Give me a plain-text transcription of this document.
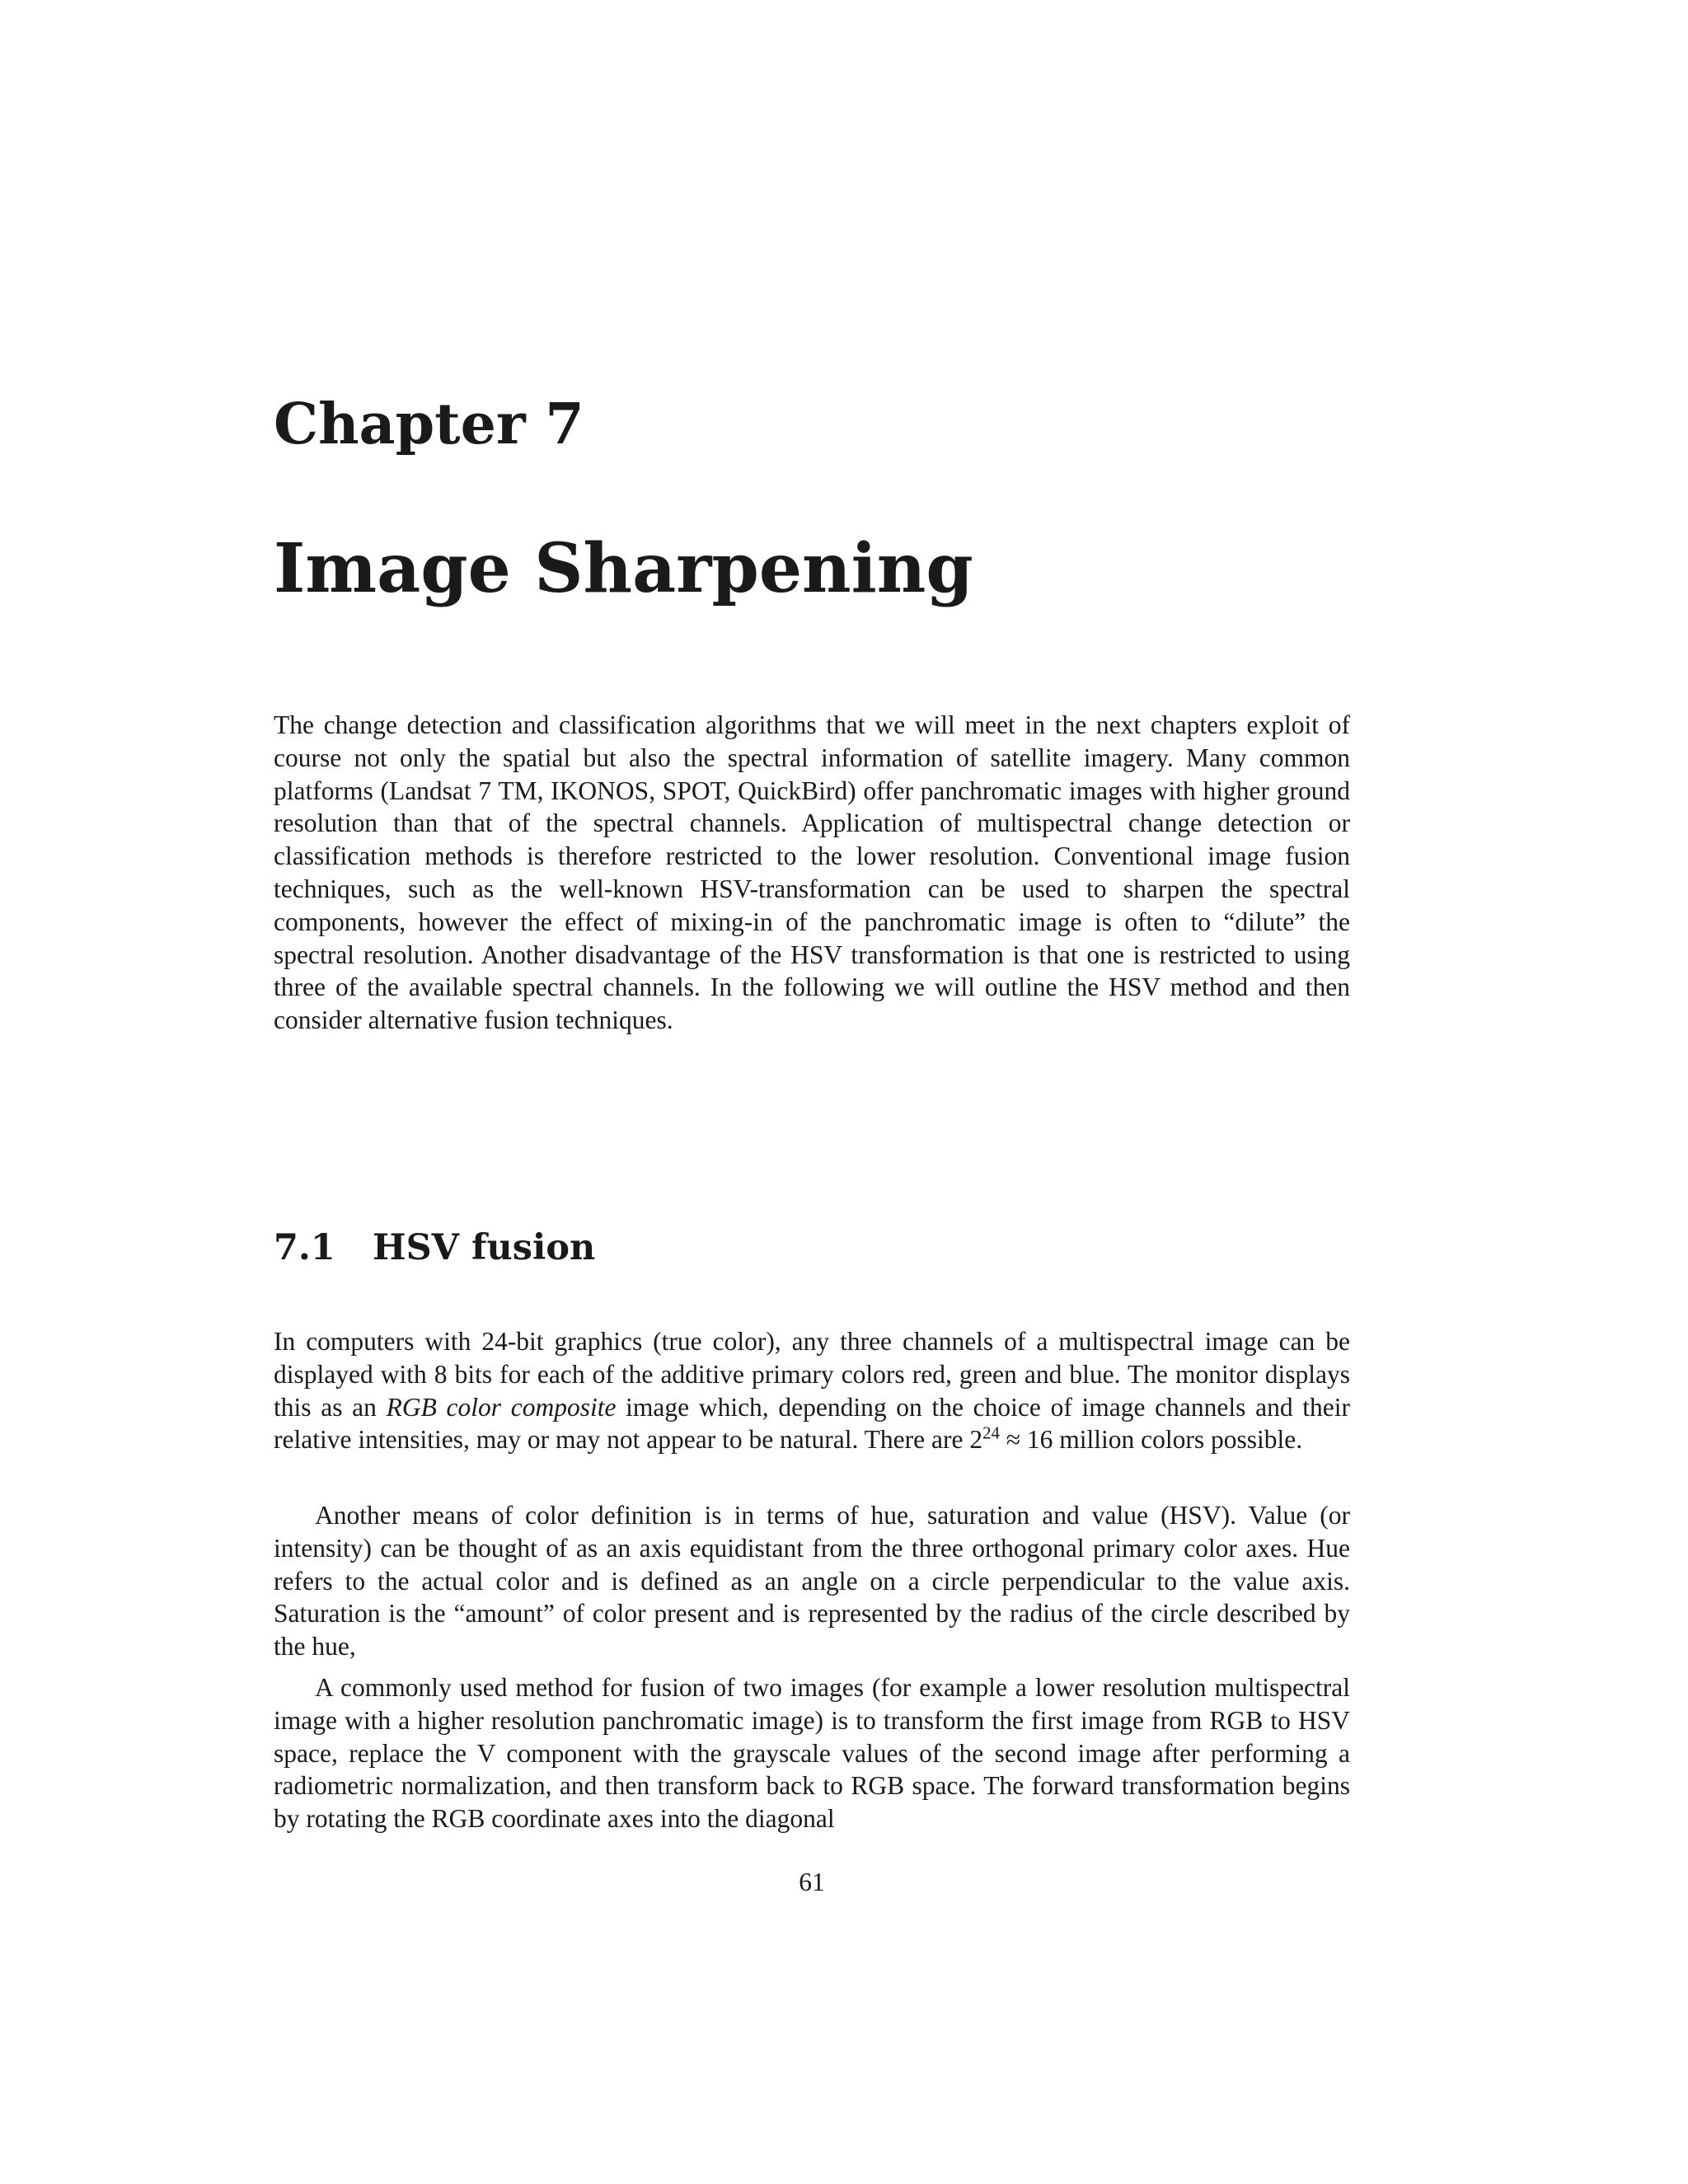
Chapter 7
Image Sharpening

The change detection and classification algorithms that we will meet in the next chapters exploit of course not only the spatial but also the spectral information of satellite imagery. Many common platforms (Landsat 7 TM, IKONOS, SPOT, QuickBird) offer panchromatic images with higher ground resolution than that of the spectral channels. Application of multispectral change detection or classification methods is therefore restricted to the lower resolution. Conventional image fusion techniques, such as the well-known HSV-transformation can be used to sharpen the spectral components, however the effect of mixing-in of the panchromatic image is often to “dilute” the spectral resolution. Another disadvantage of the HSV transformation is that one is restricted to using three of the available spectral channels. In the following we will outline the HSV method and then consider alternative fusion techniques.

7.1 HSV fusion

In computers with 24-bit graphics (true color), any three channels of a multispectral image can be displayed with 8 bits for each of the additive primary colors red, green and blue. The monitor displays this as an RGB color composite image which, depending on the choice of image channels and their relative intensities, may or may not appear to be natural. There are $2^{24} \approx 16$ million colors possible.

Another means of color definition is in terms of hue, saturation and value (HSV). Value (or intensity) can be thought of as an axis equidistant from the three orthogonal primary color axes. Hue refers to the actual color and is defined as an angle on a circle perpendicular to the value axis. Saturation is the “amount” of color present and is represented by the radius of the circle described by the hue,

A commonly used method for fusion of two images (for example a lower resolution multispectral image with a higher resolution panchromatic image) is to transform the first image from RGB to HSV space, replace the V component with the grayscale values of the second image after performing a radiometric normalization, and then transform back to RGB space. The forward transformation begins by rotating the RGB coordinate axes into the diagonal

61
